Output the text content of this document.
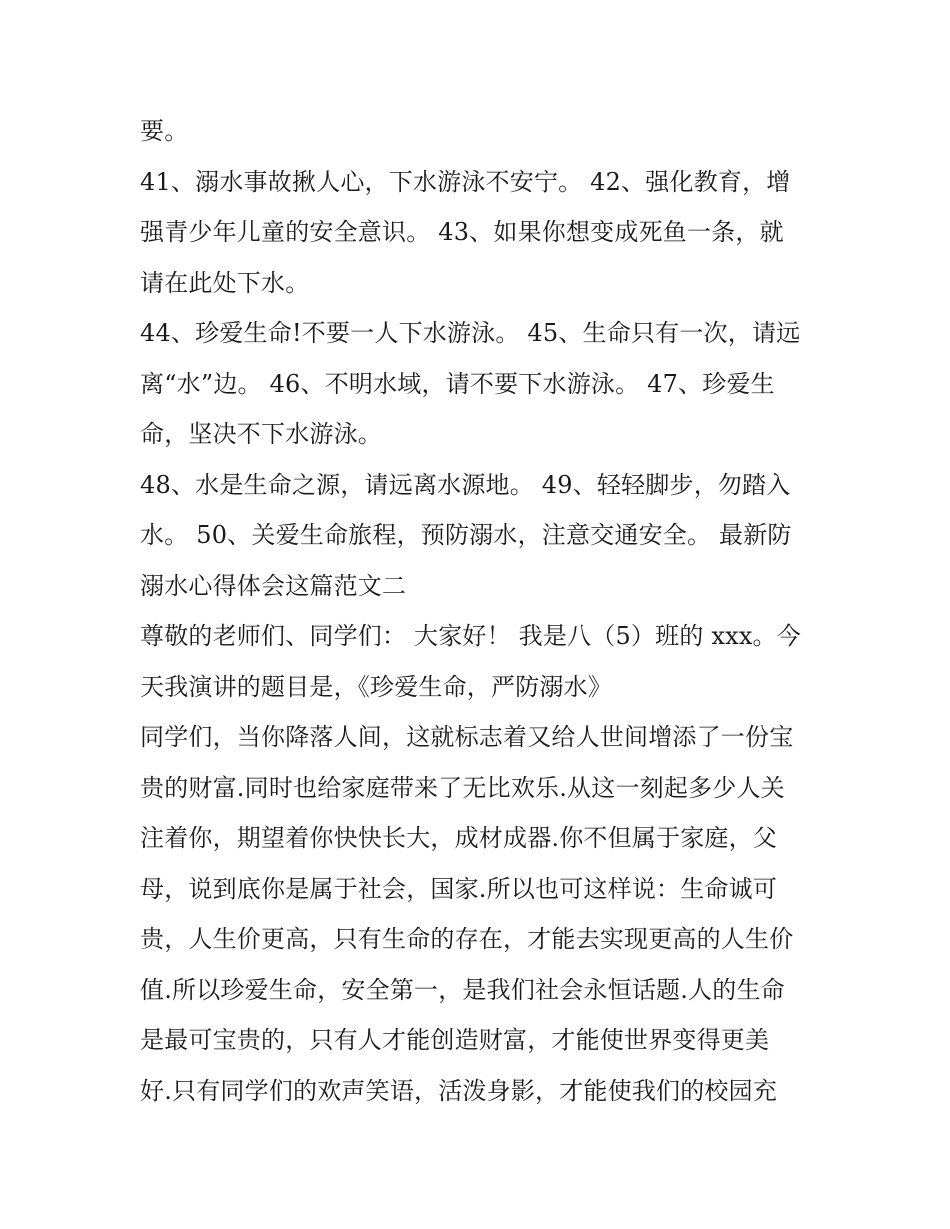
要。
41、溺水事故揪人心，下水游泳不安宁。 42、强化教育，增
强青少年儿童的安全意识。 43、如果你想变成死鱼一条，就
请在此处下水。
44、珍爱生命!不要一人下水游泳。 45、生命只有一次，请远
离“水”边。 46、不明水域，请不要下水游泳。 47、珍爱生
命，坚决不下水游泳。
48、水是生命之源，请远离水源地。 49、轻轻脚步，勿踏入
水。 50、关爱生命旅程，预防溺水，注意交通安全。 最新防
溺水心得体会这篇范文二
尊敬的老师们、同学们： 大家好！ 我是八（5）班的 xxx。今
天我演讲的题目是，《珍爱生命，严防溺水》
同学们，当你降落人间，这就标志着又给人世间增添了一份宝
贵的财富.同时也给家庭带来了无比欢乐.从这一刻起多少人关
注着你，期望着你快快长大，成材成器.你不但属于家庭，父
母，说到底你是属于社会，国家.所以也可这样说：生命诚可
贵，人生价更高，只有生命的存在，才能去实现更高的人生价
值.所以珍爱生命，安全第一，是我们社会永恒话题.人的生命
是最可宝贵的，只有人才能创造财富，才能使世界变得更美
好.只有同学们的欢声笑语，活泼身影，才能使我们的校园充
